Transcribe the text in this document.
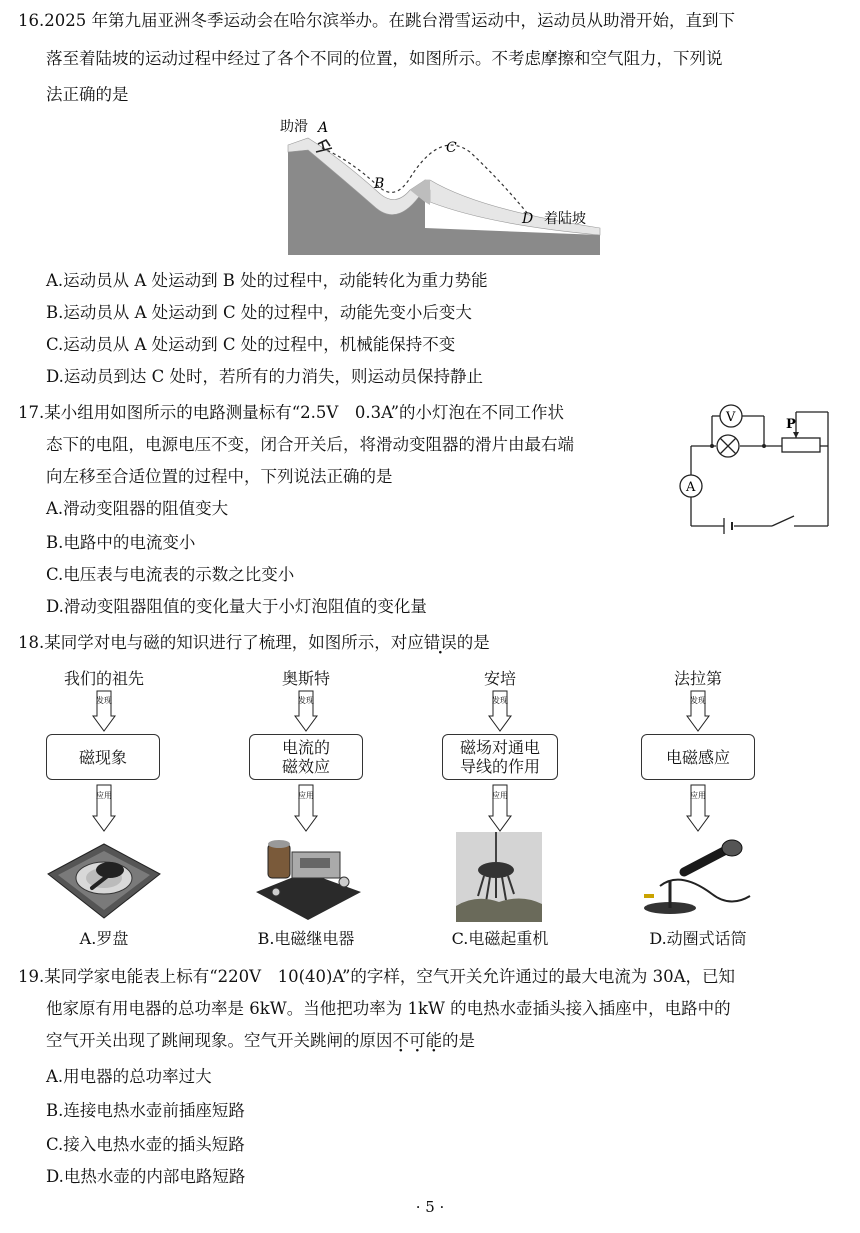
16.2025 年第九届亚洲冬季运动会在哈尔滨举办。在跳台滑雪运动中，运动员从助滑开始，直到下
落至着陆坡的运动过程中经过了各个不同的位置，如图所示。不考虑摩擦和空气阻力，下列说
法正确的是
助滑 A
B
C
D 着陆坡
A.运动员从 A 处运动到 B 处的过程中，动能转化为重力势能
B.运动员从 A 处运动到 C 处的过程中，动能先变小后变大
C.运动员从 A 处运动到 C 处的过程中，机械能保持不变
D.运动员到达 C 处时，若所有的力消失，则运动员保持静止
17.某小组用如图所示的电路测量标有“2.5V　0.3A”的小灯泡在不同工作状
态下的电阻，电源电压不变，闭合开关后，将滑动变阻器的滑片由最右端
向左移至合适位置的过程中，下列说法正确的是
V
A
P
A.滑动变阻器的阻值变大
B.电路中的电流变小
C.电压表与电流表的示数之比变小
D.滑动变阻器阻值的变化量大于小灯泡阻值的变化量
18.某同学对电与磁的知识进行了梳理，如图所示，对应错误的是
我们的祖先	奥斯特	安培	法拉第
发现	发现	发现	发现
磁现象	电流的
磁效应
磁场对通电
导线的作用	电磁感应
应用	应用	应用	应用
A.罗盘	B.电磁继电器	C.电磁起重机	D.动圈式话筒
19.某同学家电能表上标有“220V　10(40)A”的字样，空气开关允许通过的最大电流为 30A，已知
他家原有用电器的总功率是 6kW。当他把功率为 1kW 的电热水壶插头接入插座中，电路中的
空气开关出现了跳闸现象。空气开关跳闸的原因不可能的是
A.用电器的总功率过大
B.连接电热水壶前插座短路
C.接入电热水壶的插头短路
D.电热水壶的内部电路短路
· 5 ·
